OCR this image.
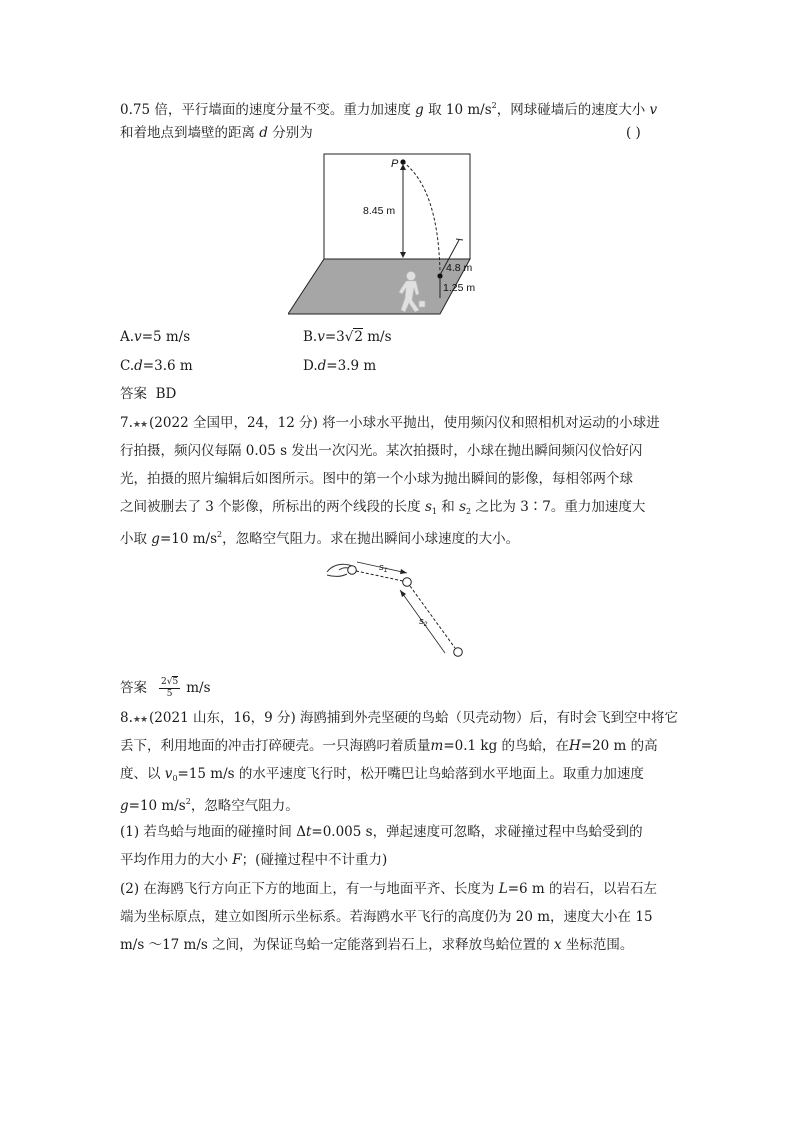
0.75 倍，平行墙面的速度分量不变。重力加速度 g 取 10 $m/s^2$，网球碰墙后的速度大小 v
和着地点到墙壁的距离 d 分别为	( )
P
8.45 m
4.8 m
1.25 m
A.v=5 m/s	B.v=3√2 m/s
C.d=3.6 m	D.d=3.9 m
答案 BD
7.★★ (2022 全国甲，24，12 分) 将一小球水平抛出，使用频闪仪和照相机对运动的小球进
行拍摄，频闪仪每隔 0.05 s 发出一次闪光。某次拍摄时，小球在抛出瞬间频闪仪恰好闪
光，拍摄的照片编辑后如图所示。图中的第一个小球为抛出瞬间的影像，每相邻两个球
之间被删去了 3 个影像，所标出的两个线段的长度 $s_1$ 和 $s_2$ 之比为 3∶7。重力加速度大
小取 g=10 $m/s^2$，忽略空气阻力。求在抛出瞬间小球速度的大小。
$s_1$
$s_2$
答案 $\frac{2√5}{5} m/s$
8.★★ (2021 山东，16，9 分) 海鸥捕到外壳坚硬的鸟蛤（贝壳动物）后，有时会飞到空中将它
丢下，利用地面的冲击打碎硬壳。一只海鸥叼着质量m=0.1 kg 的鸟蛤，在H=20 m 的高
度、以 $v_0=15$ m/s 的水平速度飞行时，松开嘴巴让鸟蛤落到水平地面上。取重力加速度
g=10 $m/s^2$，忽略空气阻力。
(1) 若鸟蛤与地面的碰撞时间 Δt=0.005 s，弹起速度可忽略，求碰撞过程中鸟蛤受到的
平均作用力的大小 F；(碰撞过程中不计重力)
(2) 在海鸥飞行方向正下方的地面上，有一与地面平齐、长度为 L=6 m 的岩石，以岩石左
端为坐标原点，建立如图所示坐标系。若海鸥水平飞行的高度仍为 20 m，速度大小在 15
m/s ～17 m/s 之间，为保证鸟蛤一定能落到岩石上，求释放鸟蛤位置的 x 坐标范围。
